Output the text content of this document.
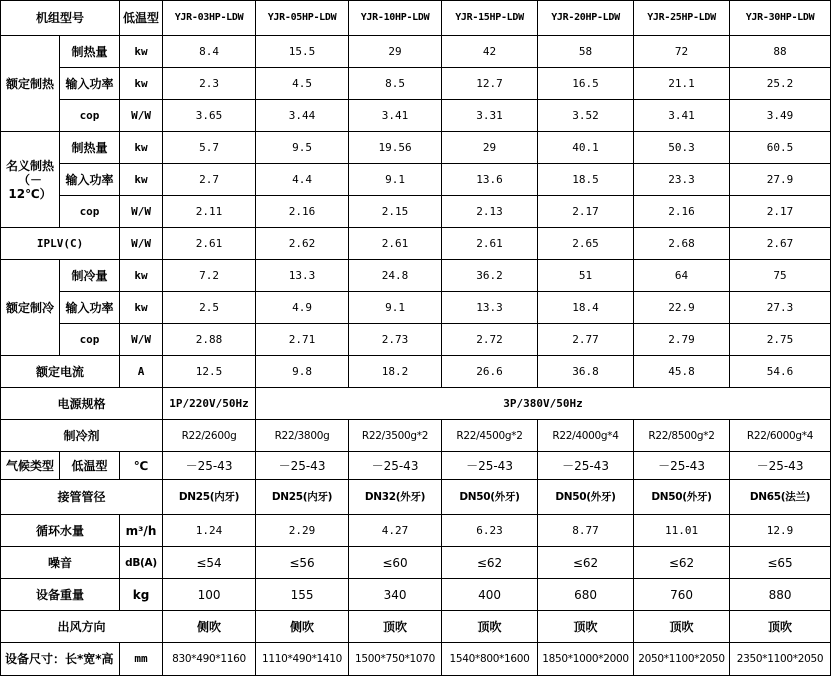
机组型号		低温型	YJR-03HP-LDW	YJR-05HP-LDW	YJR-10HP-LDW	YJR-15HP-LDW	YJR-20HP-LDW	YJR-25HP-LDW	YJR-30HP-LDW
额定制热	制热量	kw	8.4	15.5	29	42	58	72	88
	输入功率	kw	2.3	4.5	8.5	12.7	16.5	21.1	25.2
	cop	W/W	3.65	3.44	3.41	3.31	3.52	3.41	3.49
名义制热（－12℃）	制热量	kw	5.7	9.5	19.56	29	40.1	50.3	60.5
	输入功率	kw	2.7	4.4	9.1	13.6	18.5	23.3	27.9
	cop	W/W	2.11	2.16	2.15	2.13	2.17	2.16	2.17
IPLV(C)		W/W	2.61	2.62	2.61	2.61	2.65	2.68	2.67
额定制冷	制冷量	kw	7.2	13.3	24.8	36.2	51	64	75
	输入功率	kw	2.5	4.9	9.1	13.3	18.4	22.9	27.3
	cop	W/W	2.88	2.71	2.73	2.72	2.77	2.79	2.75
额定电流		A	12.5	9.8	18.2	26.6	36.8	45.8	54.6
电源规格			1P/220V/50Hz	3P/380V/50Hz					
制冷剂			R22/2600g	R22/3800g	R22/3500g*2	R22/4500g*2	R22/4000g*4	R22/8500g*2	R22/6000g*4
气候类型	低温型	℃	－25-43	－25-43	－25-43	－25-43	－25-43	－25-43	－25-43
接管管径			DN25(内牙)	DN25(内牙)	DN32(外牙)	DN50(外牙)	DN50(外牙)	DN50(外牙)	DN65(法兰)
循环水量		m³/h	1.24	2.29	4.27	6.23	8.77	11.01	12.9
噪音		dB(A)	≤54	≤56	≤60	≤62	≤62	≤62	≤65
设备重量		kg	100	155	340	400	680	760	880
出风方向			侧吹	侧吹	顶吹	顶吹	顶吹	顶吹	顶吹
设备尺寸：长*宽*高		mm	830*490*1160	1110*490*1410	1500*750*1070	1540*800*1600	1850*1000*2000	2050*1100*2050	2350*1100*2050
